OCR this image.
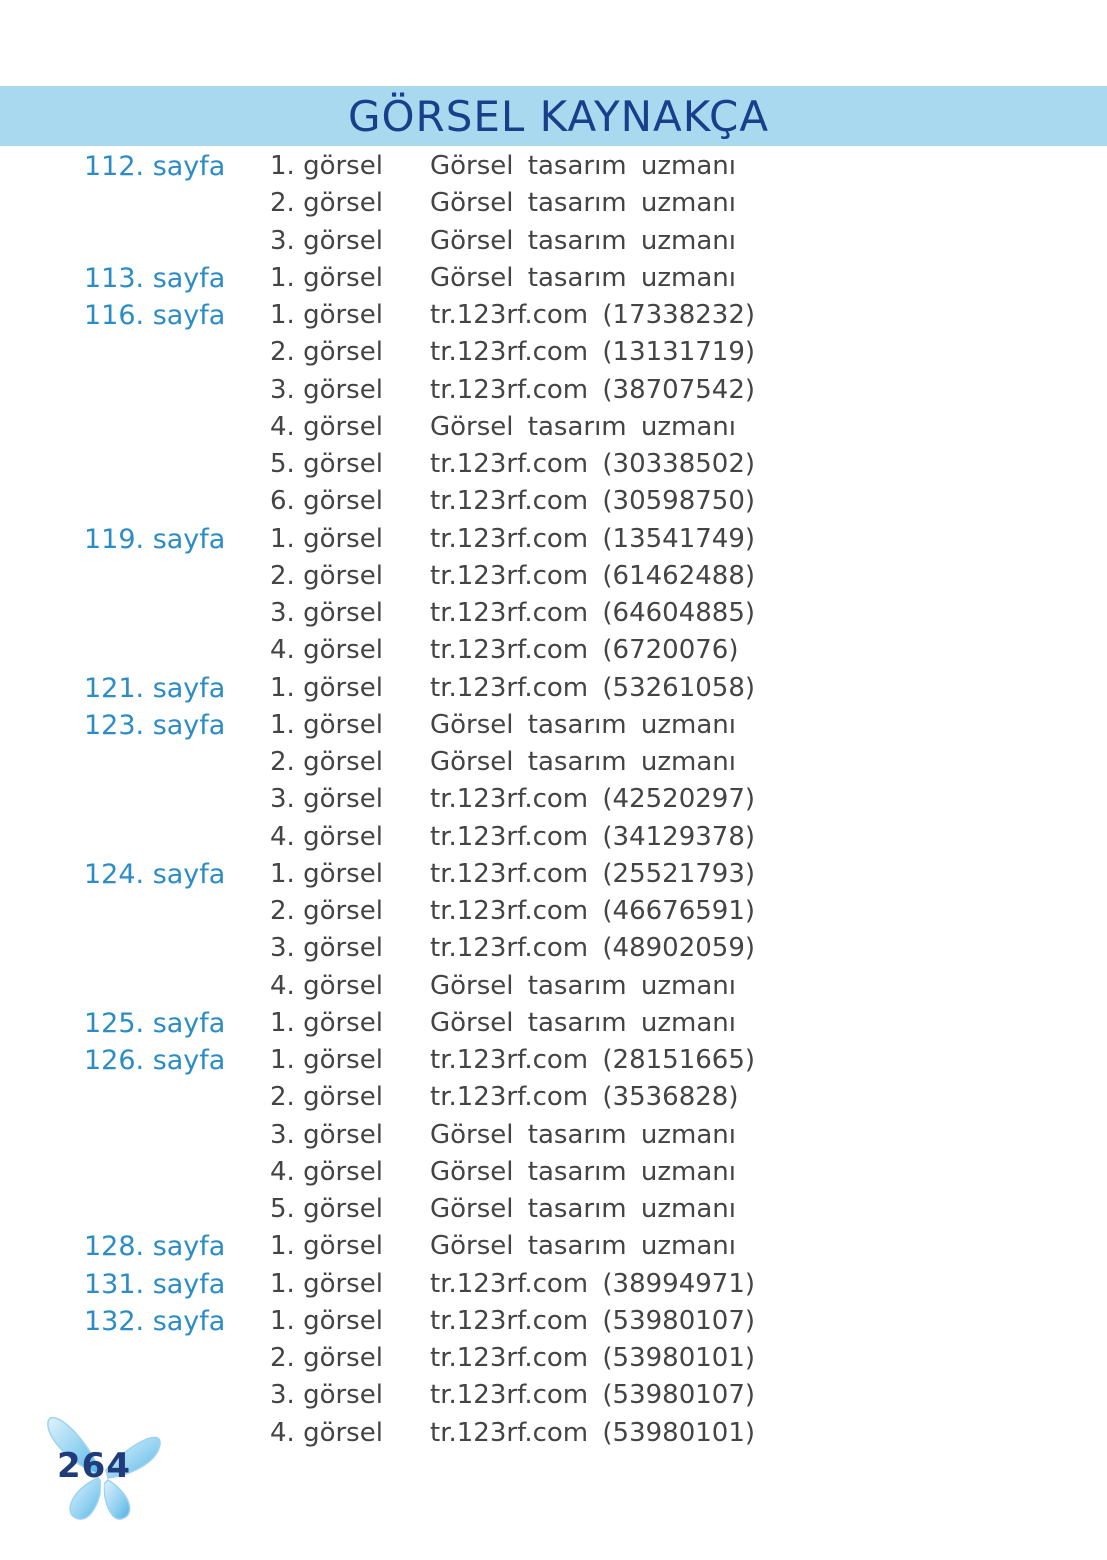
GÖRSEL KAYNAKÇA
112. sayfa 1. görsel Görsel tasarım uzmanı
2. görsel Görsel tasarım uzmanı
3. görsel Görsel tasarım uzmanı
113. sayfa 1. görsel Görsel tasarım uzmanı
116. sayfa 1. görsel tr.123rf.com (17338232)
2. görsel tr.123rf.com (13131719)
3. görsel tr.123rf.com (38707542)
4. görsel Görsel tasarım uzmanı
5. görsel tr.123rf.com (30338502)
6. görsel tr.123rf.com (30598750)
119. sayfa 1. görsel tr.123rf.com (13541749)
2. görsel tr.123rf.com (61462488)
3. görsel tr.123rf.com (64604885)
4. görsel tr.123rf.com (6720076)
121. sayfa 1. görsel tr.123rf.com (53261058)
123. sayfa 1. görsel Görsel tasarım uzmanı
2. görsel Görsel tasarım uzmanı
3. görsel tr.123rf.com (42520297)
4. görsel tr.123rf.com (34129378)
124. sayfa 1. görsel tr.123rf.com (25521793)
2. görsel tr.123rf.com (46676591)
3. görsel tr.123rf.com (48902059)
4. görsel Görsel tasarım uzmanı
125. sayfa 1. görsel Görsel tasarım uzmanı
126. sayfa 1. görsel tr.123rf.com (28151665)
2. görsel tr.123rf.com (3536828)
3. görsel Görsel tasarım uzmanı
4. görsel Görsel tasarım uzmanı
5. görsel Görsel tasarım uzmanı
128. sayfa 1. görsel Görsel tasarım uzmanı
131. sayfa 1. görsel tr.123rf.com (38994971)
132. sayfa 1. görsel tr.123rf.com (53980107)
2. görsel tr.123rf.com (53980101)
3. görsel tr.123rf.com (53980107)
4. görsel tr.123rf.com (53980101)
264
